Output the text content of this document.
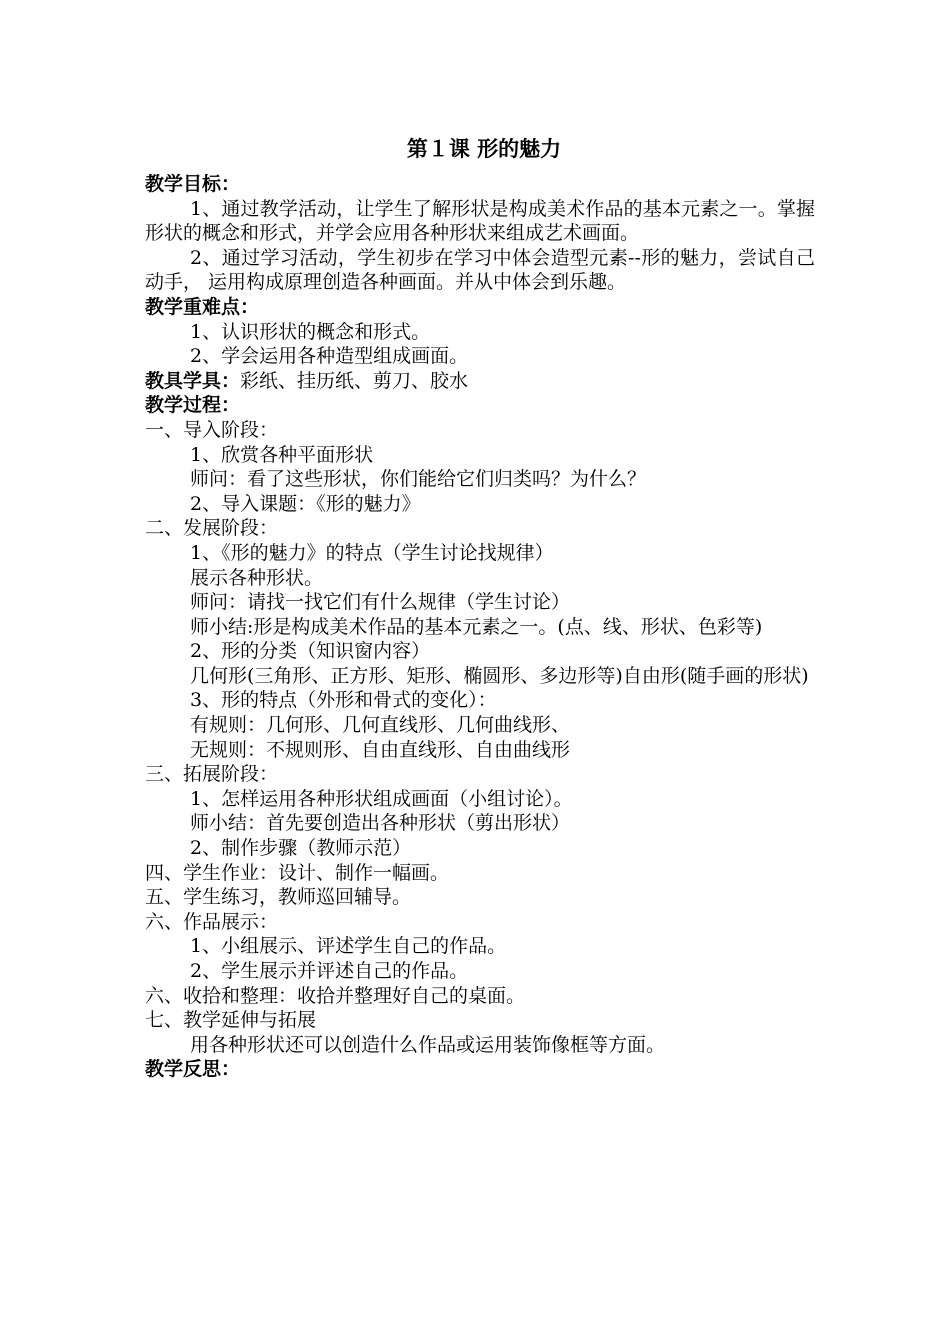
第１课 形的魅力
教学目标：
1、通过教学活动，让学生了解形状是构成美术作品的基本元素之一。掌握形状的概念和形式，并学会应用各种形状来组成艺术画面。
2、通过学习活动，学生初步在学习中体会造型元素--形的魅力，尝试自己动手， 运用构成原理创造各种画面。并从中体会到乐趣。
教学重难点：
1、认识形状的概念和形式。
2、学会运用各种造型组成画面。
教具学具：彩纸、挂历纸、剪刀、胶水
教学过程：
一、导入阶段：
1、欣赏各种平面形状
师问：看了这些形状，你们能给它们归类吗？为什么？
2、导入课题：《形的魅力》
二、发展阶段：
1、《形的魅力》的特点（学生讨论找规律）
展示各种形状。
师问：请找一找它们有什么规律（学生讨论）
师小结:形是构成美术作品的基本元素之一。(点、线、形状、色彩等)
2、形的分类（知识窗内容）
几何形(三角形、正方形、矩形、椭圆形、多边形等)自由形(随手画的形状)
3、形的特点（外形和骨式的变化）：
有规则：几何形、几何直线形、几何曲线形、
无规则：不规则形、自由直线形、自由曲线形
三、拓展阶段：
1、怎样运用各种形状组成画面（小组讨论）。
师小结：首先要创造出各种形状（剪出形状）
2、制作步骤（教师示范）
四、学生作业：设计、制作一幅画。
五、学生练习，教师巡回辅导。
六、作品展示：
1、小组展示、评述学生自己的作品。
2、学生展示并评述自己的作品。
六、收拾和整理：收拾并整理好自己的桌面。
七、教学延伸与拓展
用各种形状还可以创造什么作品或运用装饰像框等方面。
教学反思：
